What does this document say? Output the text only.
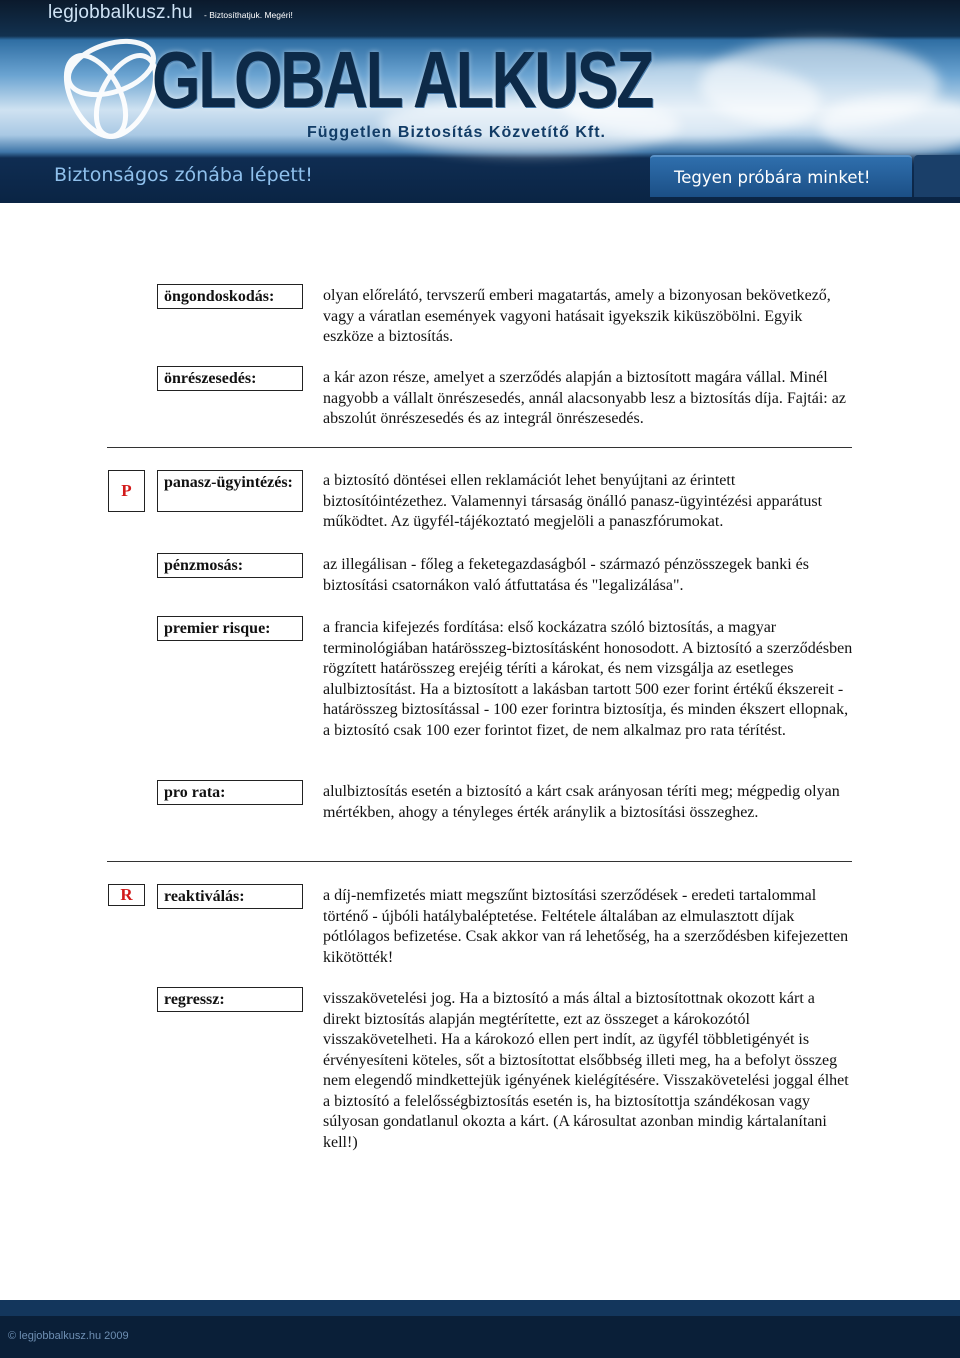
legjobbalkusz.hu - Biztosíthatjuk. Megéri!
GLOBAL ALKUSZ
Független Biztosítás Közvetítő Kft.
Biztonságos zónába lépett!	Tegyen próbára minket!
öngondoskodás:	olyan előrelátó, tervszerű emberi magatartás, amely a bizonyosan bekövetkező, vagy a váratlan események vagyoni hatásait igyekszik kiküszöbölni. Egyik eszköze a biztosítás.
önrészesedés:	a kár azon része, amelyet a szerződés alapján a biztosított magára vállal. Minél nagyobb a vállalt önrészesedés, annál alacsonyabb lesz a biztosítás díja. Fajtái: az abszolút önrészesedés és az integrál önrészesedés.
P	panasz-ügyintézés:	a biztosító döntései ellen reklamációt lehet benyújtani az érintett biztosítóintézethez. Valamennyi társaság önálló panasz-ügyintézési apparátust működtet. Az ügyfél-tájékoztató megjelöli a panaszfórumokat.
pénzmosás:	az illegálisan - főleg a feketegazdaságból - származó pénzösszegek banki és biztosítási csatornákon való átfuttatása és "legalizálása".
premier risque:	a francia kifejezés fordítása: első kockázatra szóló biztosítás, a magyar terminológiában határösszeg-biztosításként honosodott. A biztosító a szerződésben rögzített határösszeg erejéig téríti a károkat, és nem vizsgálja az esetleges alulbiztosítást. Ha a biztosított a lakásban tartott 500 ezer forint értékű ékszereit - határösszeg biztosítással - 100 ezer forintra biztosítja, és minden ékszert ellopnak, a biztosító csak 100 ezer forintot fizet, de nem alkalmaz pro rata térítést.
pro rata:	alulbiztosítás esetén a biztosító a kárt csak arányosan téríti meg; mégpedig olyan mértékben, ahogy a tényleges érték aránylik a biztosítási összeghez.
R	reaktiválás:	a díj-nemfizetés miatt megszűnt biztosítási szerződések - eredeti tartalommal történő - újbóli hatálybaléptetése. Feltétele általában az elmulasztott díjak pótlólagos befizetése. Csak akkor van rá lehetőség, ha a szerződésben kifejezetten kikötötték!
regressz:	visszakövetelési jog. Ha a biztosító a más által a biztosítottnak okozott kárt a direkt biztosítás alapján megtérítette, ezt az összeget a károkozótól visszakövetelheti. Ha a károkozó ellen pert indít, az ügyfél többletigényét is érvényesíteni köteles, sőt a biztosítottat elsőbbség illeti meg, ha a befolyt összeg nem elegendő mindkettejük igényének kielégítésére. Visszakövetelési joggal élhet a biztosító a felelősségbiztosítás esetén is, ha biztosítottja szándékosan vagy súlyosan gondatlanul okozta a kárt. (A károsultat azonban mindig kártalanítani kell!)
© legjobbalkusz.hu 2009
